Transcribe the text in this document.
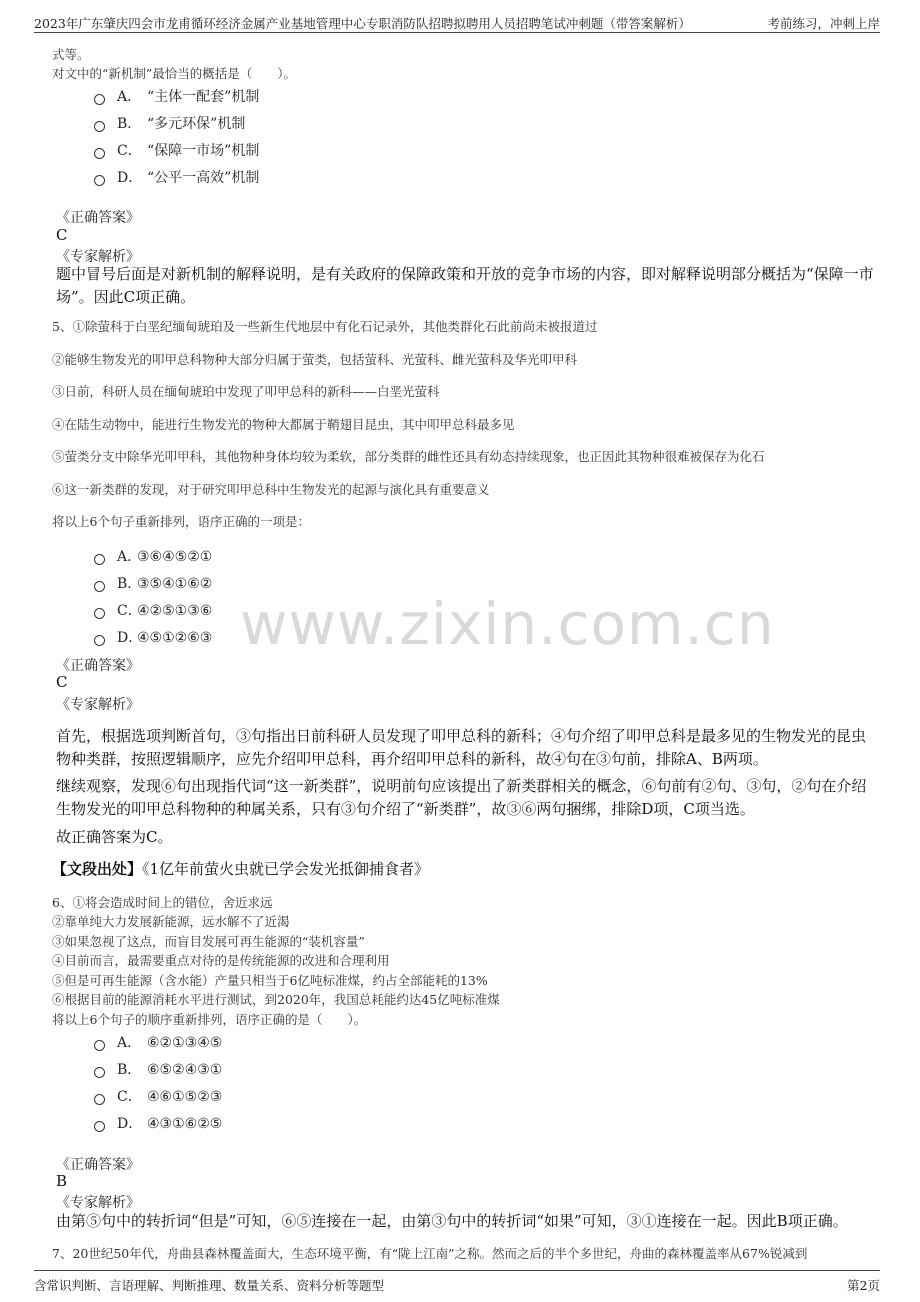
2023年广东肇庆四会市龙甫循环经济金属产业基地管理中心专职消防队招聘拟聘用人员招聘笔试冲刺题（带答案解析）	考前练习，冲刺上岸
www.zixin.com.cn
式等。
对文中的“新机制”最恰当的概括是（　　）。
A． “主体一配套”机制
B． “多元环保”机制
C． “保障一市场”机制
D． “公平一高效”机制
《正确答案》
C
《专家解析》
题中冒号后面是对新机制的解释说明，是有关政府的保障政策和开放的竞争市场的内容，即对解释说明部分概括为“保障一市场”。因此C项正确。
5、①除萤科于白垩纪缅甸琥珀及一些新生代地层中有化石记录外，其他类群化石此前尚未被报道过
②能够生物发光的叩甲总科物种大部分归属于萤类，包括萤科、光萤科、雌光萤科及华光叩甲科
③日前，科研人员在缅甸琥珀中发现了叩甲总科的新科——白垩光萤科
④在陆生动物中，能进行生物发光的物种大都属于鞘翅目昆虫，其中叩甲总科最多见
⑤萤类分支中除华光叩甲科，其他物种身体均较为柔软，部分类群的雌性还具有幼态持续现象，也正因此其物种很难被保存为化石
⑥这一新类群的发现，对于研究叩甲总科中生物发光的起源与演化具有重要意义
将以上6个句子重新排列，语序正确的一项是：
A．③⑥④⑤②①
B．③⑤④①⑥②
C．④②⑤①③⑥
D．④⑤①②⑥③
《正确答案》
C
《专家解析》
首先，根据选项判断首句，③句指出日前科研人员发现了叩甲总科的新科；④句介绍了叩甲总科是最多见的生物发光的昆虫物种类群，按照逻辑顺序，应先介绍叩甲总科，再介绍叩甲总科的新科，故④句在③句前，排除A、B两项。
继续观察，发现⑥句出现指代词“这一新类群”，说明前句应该提出了新类群相关的概念，⑥句前有②句、③句，②句在介绍生物发光的叩甲总科物种的种属关系，只有③句介绍了“新类群”，故③⑥两句捆绑，排除D项，C项当选。
故正确答案为C。
【文段出处】《1亿年前萤火虫就已学会发光抵御捕食者》
6、①将会造成时间上的错位，舍近求远
②靠单纯大力发展新能源，远水解不了近渴
③如果忽视了这点，而盲目发展可再生能源的“装机容量”
④目前而言，最需要重点对待的是传统能源的改进和合理利用
⑤但是可再生能源（含水能）产量只相当于6亿吨标准煤，约占全部能耗的13%
⑥根据目前的能源消耗水平进行测试，到2020年，我国总耗能约达45亿吨标准煤
将以上6个句子的顺序重新排列，语序正确的是（　　）。
A． ⑥②①③④⑤
B． ⑥⑤②④③①
C． ④⑥①⑤②③
D． ④③①⑥②⑤
《正确答案》
B
《专家解析》
由第⑤句中的转折词“但是”可知，⑥⑤连接在一起，由第③句中的转折词“如果”可知，③①连接在一起。因此B项正确。
7、20世纪50年代，舟曲县森林覆盖面大，生态环境平衡，有“陇上江南”之称。然而之后的半个多世纪，舟曲的森林覆盖率从67%锐减到
含常识判断、言语理解、判断推理、数量关系、资料分析等题型	第2页
